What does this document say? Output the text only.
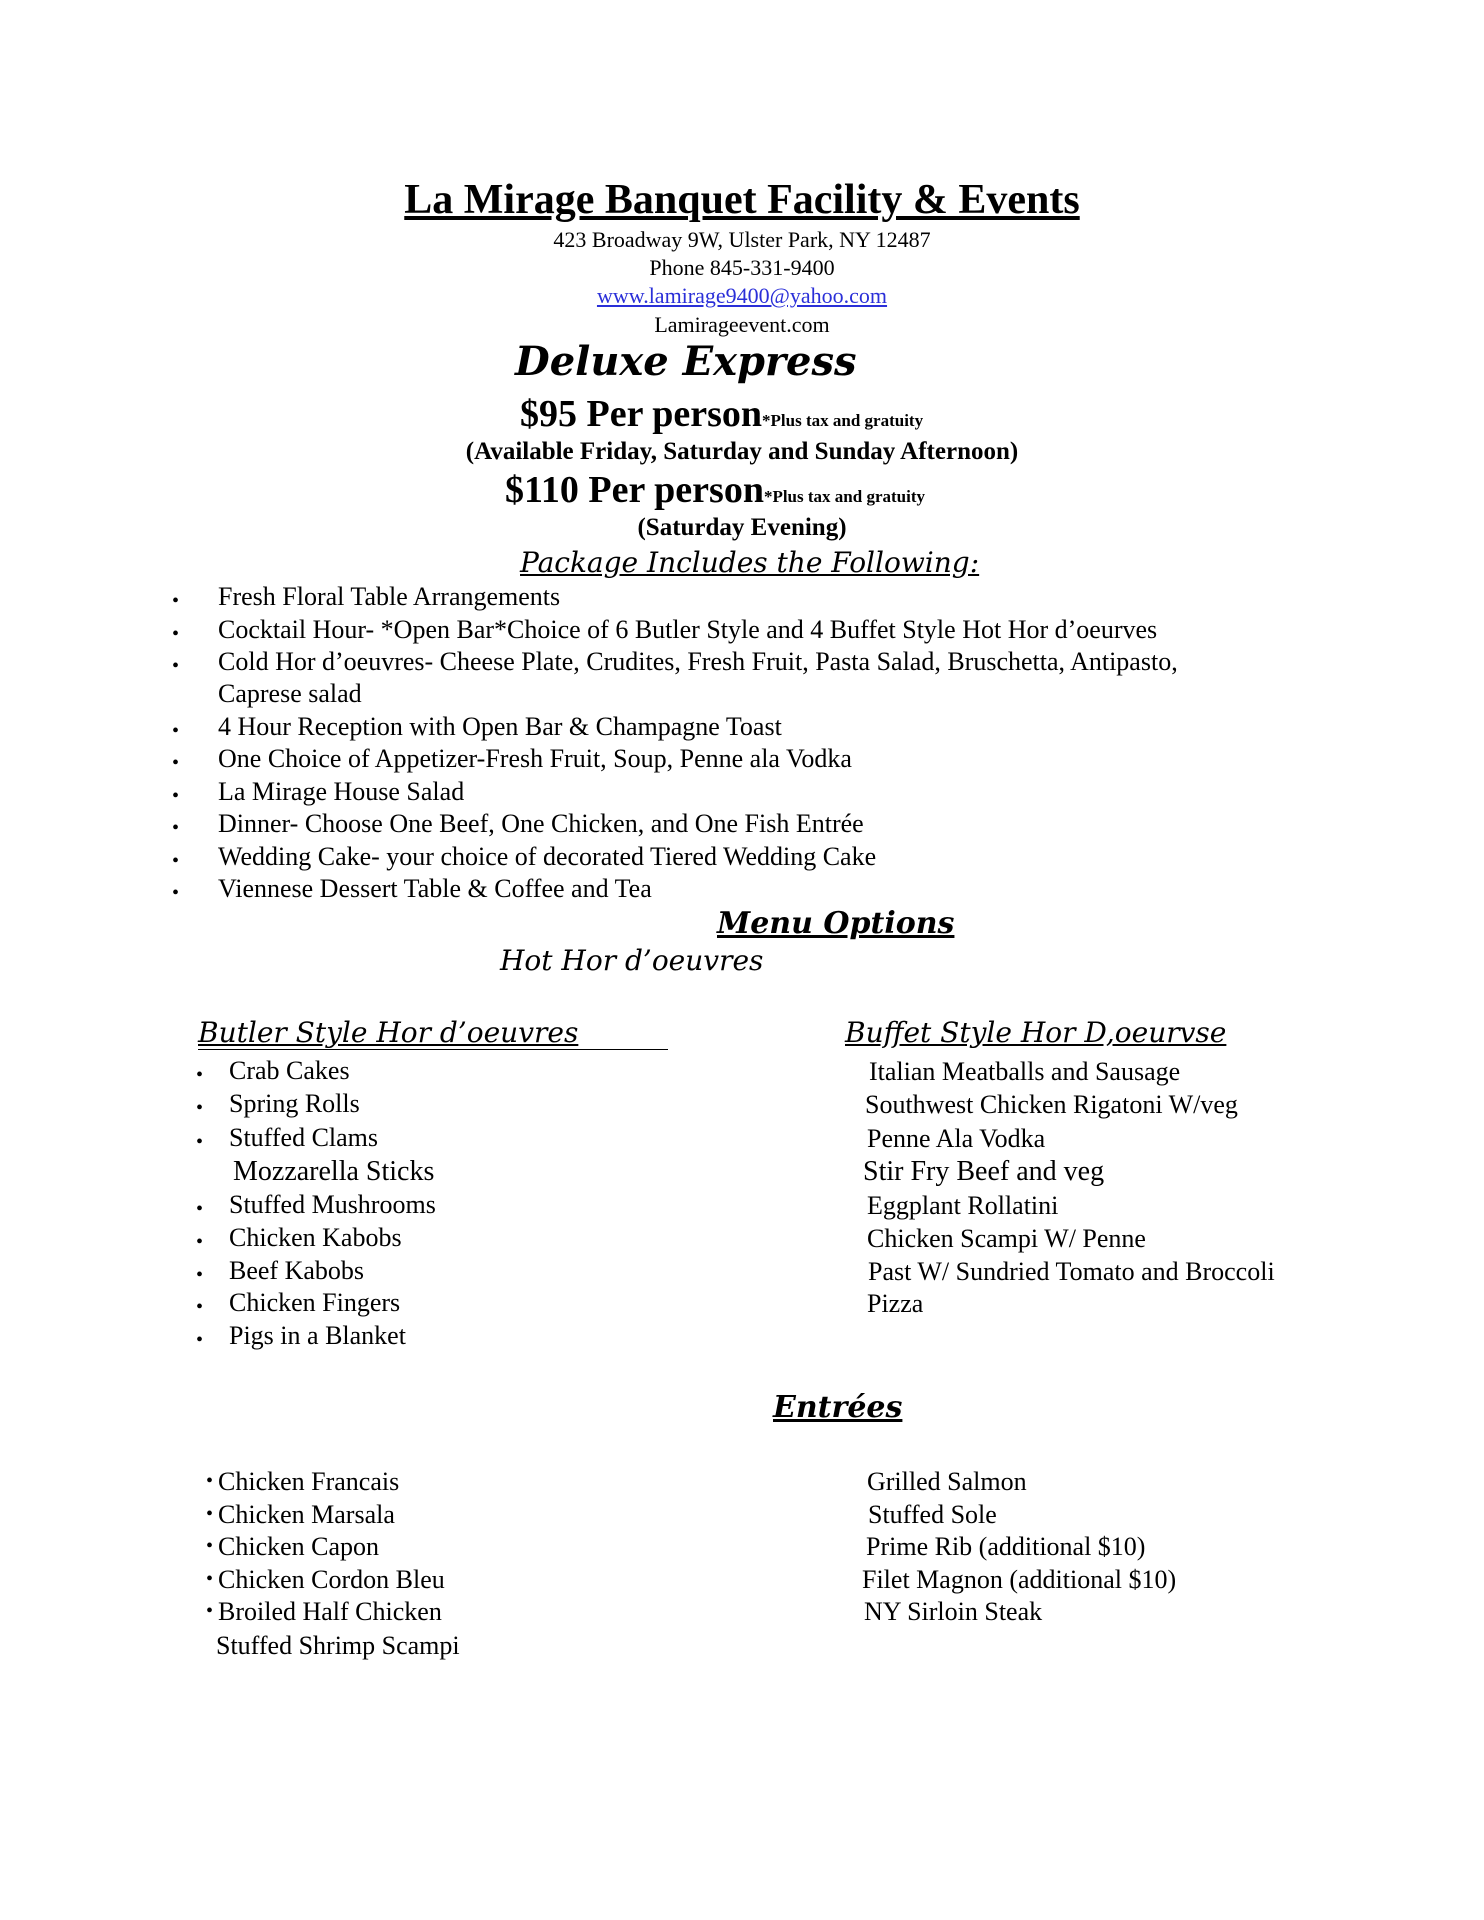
La Mirage Banquet Facility & Events
423 Broadway 9W, Ulster Park, NY 12487
Phone 845-331-9400
www.lamirage9400@yahoo.com
Lamirageevent.com
Deluxe Express
$95 Per person*Plus tax and gratuity
(Available Friday, Saturday and Sunday Afternoon)
$110 Per person*Plus tax and gratuity
(Saturday Evening)
Package Includes the Following:
• Fresh Floral Table Arrangements
• Cocktail Hour- *Open Bar*Choice of 6 Butler Style and 4 Buffet Style Hot Hor d’oeurves
• Cold Hor d’oeuvres- Cheese Plate, Crudites, Fresh Fruit, Pasta Salad, Bruschetta, Antipasto,
Caprese salad
• 4 Hour Reception with Open Bar & Champagne Toast
• One Choice of Appetizer-Fresh Fruit, Soup, Penne ala Vodka
• La Mirage House Salad
• Dinner- Choose One Beef, One Chicken, and One Fish Entrée
• Wedding Cake- your choice of decorated Tiered Wedding Cake
• Viennese Dessert Table & Coffee and Tea
Menu Options
Hot Hor d’oeuvres
Butler Style Hor d’oeuvres	Buffet Style Hor D,oeurvse
• Crab Cakes
• Spring Rolls
• Stuffed Clams
Mozzarella Sticks
• Stuffed Mushrooms
• Chicken Kabobs
• Beef Kabobs
• Chicken Fingers
• Pigs in a Blanket
Italian Meatballs and Sausage
Southwest Chicken Rigatoni W/veg
Penne Ala Vodka
Stir Fry Beef and veg
Eggplant Rollatini
Chicken Scampi W/ Penne
Past W/ Sundried Tomato and Broccoli
Pizza
Entrées
• Chicken Francais
• Chicken Marsala
• Chicken Capon
• Chicken Cordon Bleu
• Broiled Half Chicken
Stuffed Shrimp Scampi
Grilled Salmon
Stuffed Sole
Prime Rib (additional $10)
Filet Magnon (additional $10)
NY Sirloin Steak
